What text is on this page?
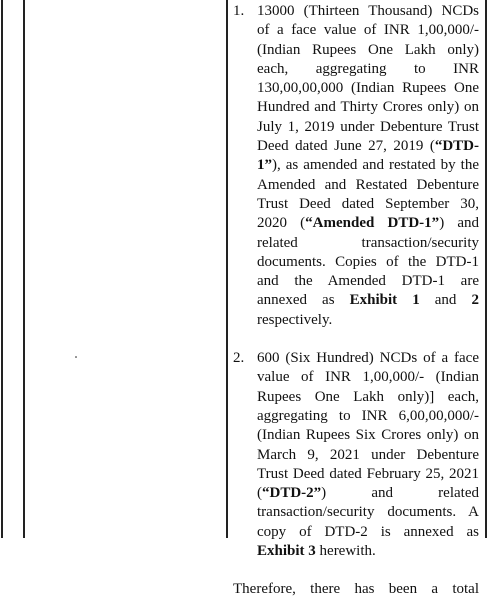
1. 13000 (Thirteen Thousand) NCDs of a face value of INR 1,00,000/- (Indian Rupees One Lakh only) each, aggregating to INR 130,00,00,000 (Indian Rupees One Hundred and Thirty Crores only) on July 1, 2019 under Debenture Trust Deed dated June 27, 2019 (“DTD-1”), as amended and restated by the Amended and Restated Debenture Trust Deed dated September 30, 2020 (“Amended DTD-1”) and related transaction/security documents. Copies of the DTD-1 and the Amended DTD-1 are annexed as Exhibit 1 and 2 respectively.
2. 600 (Six Hundred) NCDs of a face value of INR 1,00,000/- (Indian Rupees One Lakh only)] each, aggregating to INR 6,00,00,000/- (Indian Rupees Six Crores only) on March 9, 2021 under Debenture Trust Deed dated February 25, 2021 (“DTD-2”) and related transaction/security documents. A copy of DTD-2 is annexed as Exhibit 3 herewith.
Therefore, there has been a total
